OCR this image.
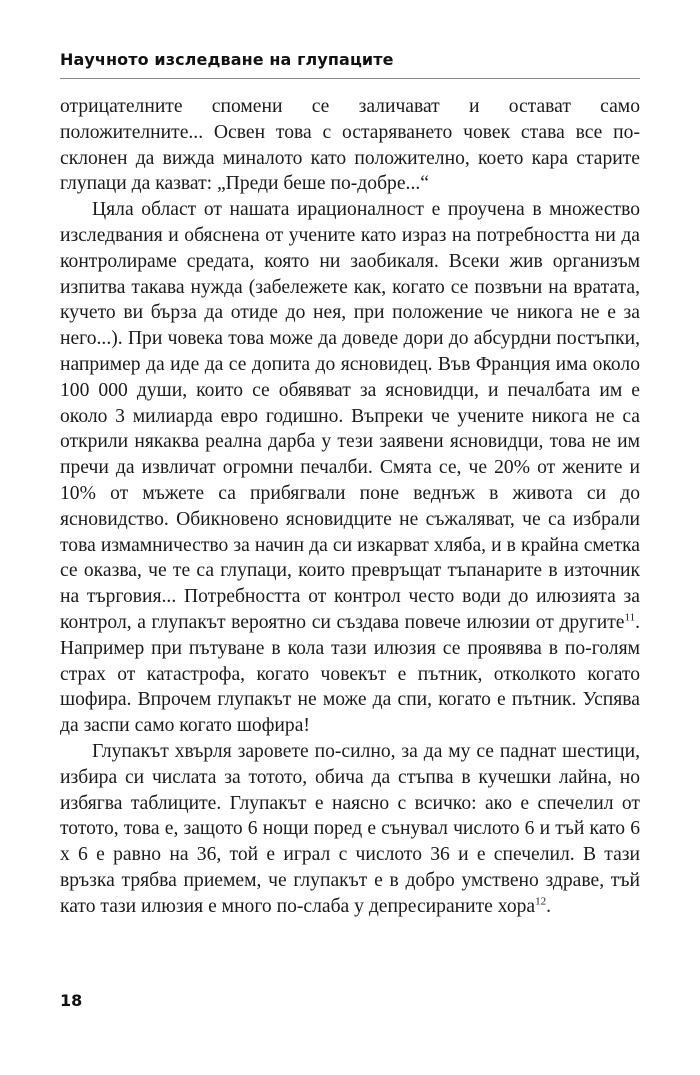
Научното изследване на глупаците

отрицателните спомени се заличават и остават само положителните... Освен това с остаряването човек става все по-склонен да вижда миналото като положително, което кара старите глупаци да казват: „Преди беше по-добре...“

Цяла област от нашата ирационалност е проучена в множество изследвания и обяснена от учените като израз на потребността ни да контролираме средата, която ни заобикаля. Всеки жив организъм изпитва такава нужда (забележете как, когато се позвъни на вратата, кучето ви бърза да отиде до нея, при положение че никога не е за него...). При човека това може да доведе дори до абсурдни постъпки, например да иде да се допита до ясновидец. Във Франция има около 100 000 души, които се обявяват за ясновидци, и печалбата им е около 3 милиарда евро годишно. Въпреки че учените никога не са открили някаква реална дарба у тези заявени ясновидци, това не им пречи да извличат огромни печалби. Смята се, че 20% от жените и 10% от мъжете са прибягвали поне веднъж в живота си до ясновидство. Обикновено ясновидците не съжаляват, че са избрали това измамничество за начин да си изкарват хляба, и в крайна сметка се оказва, че те са глупаци, които превръщат тъпанарите в източник на търговия... Потребността от контрол често води до илюзията за контрол, а глупакът вероятно си създава повече илюзии от другите$^{11}$. Например при пътуване в кола тази илюзия се проявява в по-голям страх от катастрофа, когато човекът е пътник, отколкото когато шофира. Впрочем глупакът не може да спи, когато е пътник. Успява да заспи само когато шофира!

Глупакът хвърля заровете по-силно, за да му се паднат шестици, избира си числата за тотото, обича да стъпва в кучешки лайна, но избягва таблиците. Глупакът е наясно с всичко: ако е спечелил от тотото, това е, защото 6 нощи поред е сънувал числото 6 и тъй като 6 х 6 е равно на 36, той е играл с числото 36 и е спечелил. В тази връзка трябва приемем, че глупакът е в добро умствено здраве, тъй като тази илюзия е много по-слаба у депресираните хора$^{12}$.

18
